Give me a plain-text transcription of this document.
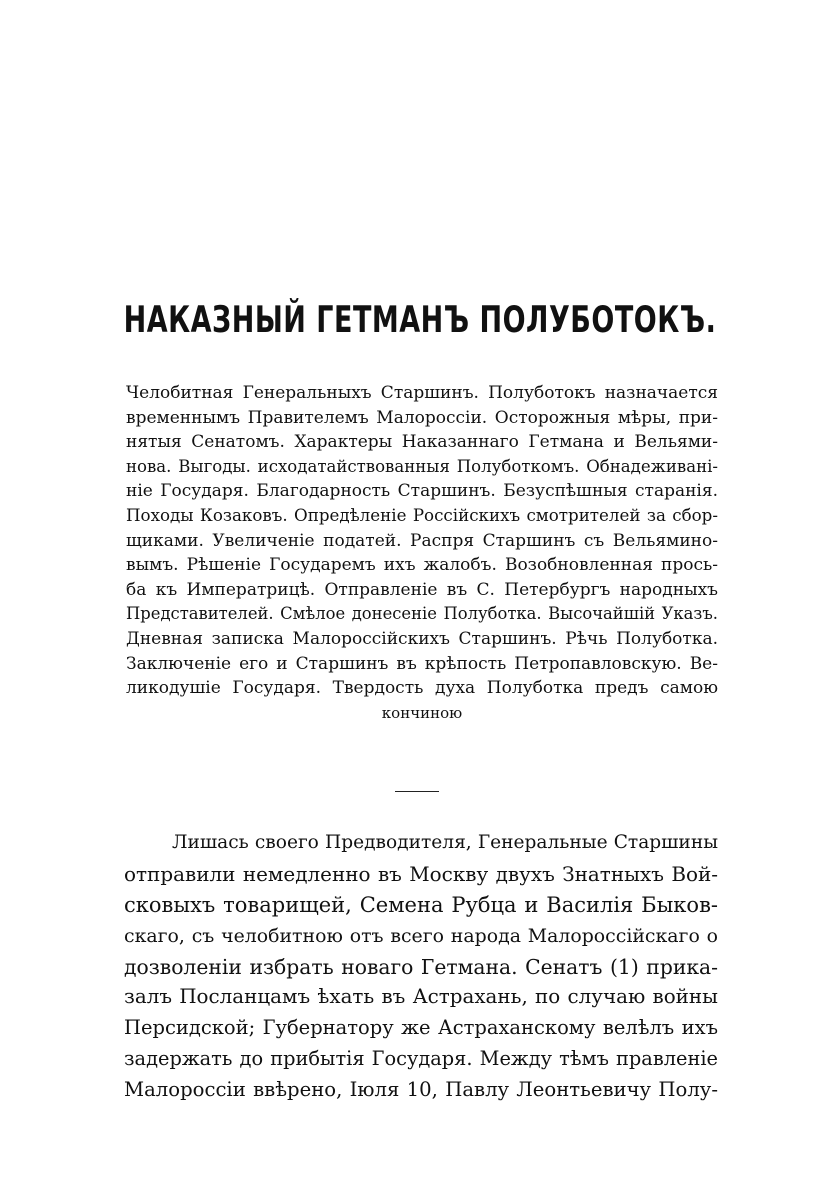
НАКАЗНЫЙ ГЕТМАНЪ ПОЛУБОТОКЪ.
Челобитная Генеральныхъ Старшинъ. Полуботокъ назначается
временнымъ Правителемъ Малороссіи. Осторожныя мѣры, при-
нятыя Сенатомъ. Характеры Наказаннаго Гетмана и Вельями-
нова. Выгоды. исходатайствованныя Полуботкомъ. Обнадеживанi-
ніе Государя. Благодарность Старшинъ. Безуспѣшныя старанія.
Походы Козаковъ. Опредѣленіе Россійскихъ смотрителей за сбор-
щиками. Увеличеніе податей. Распря Старшинъ съ Вельямино-
вымъ. Рѣшеніе Государемъ ихъ жалобъ. Возобновленная прось-
ба къ Императрицѣ. Отправленіе въ С. Петербургъ народныхъ
Представителей. Смѣлое донесеніе Полуботка. Высочайшій Указъ.
Дневная записка Малороссійскихъ Старшинъ. Рѣчь Полуботка.
Заключеніе его и Старшинъ въ крѣпость Петропавловскую. Ве-
ликодушіе Государя. Твердость духа Полуботка предъ самою
кончиною
Лишась своего Предводителя, Генеральные Старшины
отправили немедленно въ Москву двухъ Знатныхъ Вой-
сковыхъ товарищей, Семена Рубца и Василія Быков-
скаго, съ челобитною отъ всего народа Малороссійскаго о
дозволеніи избрать новаго Гетмана. Сенатъ (1) прика-
залъ Посланцамъ ѣхать въ Астрахань, по случаю войны
Персидской; Губернатору же Астраханскому велѣлъ ихъ
задержать до прибытія Государя. Между тѣмъ правленіе
Малороссіи ввѣрено, Іюля 10, Павлу Леонтьевичу Полу-
